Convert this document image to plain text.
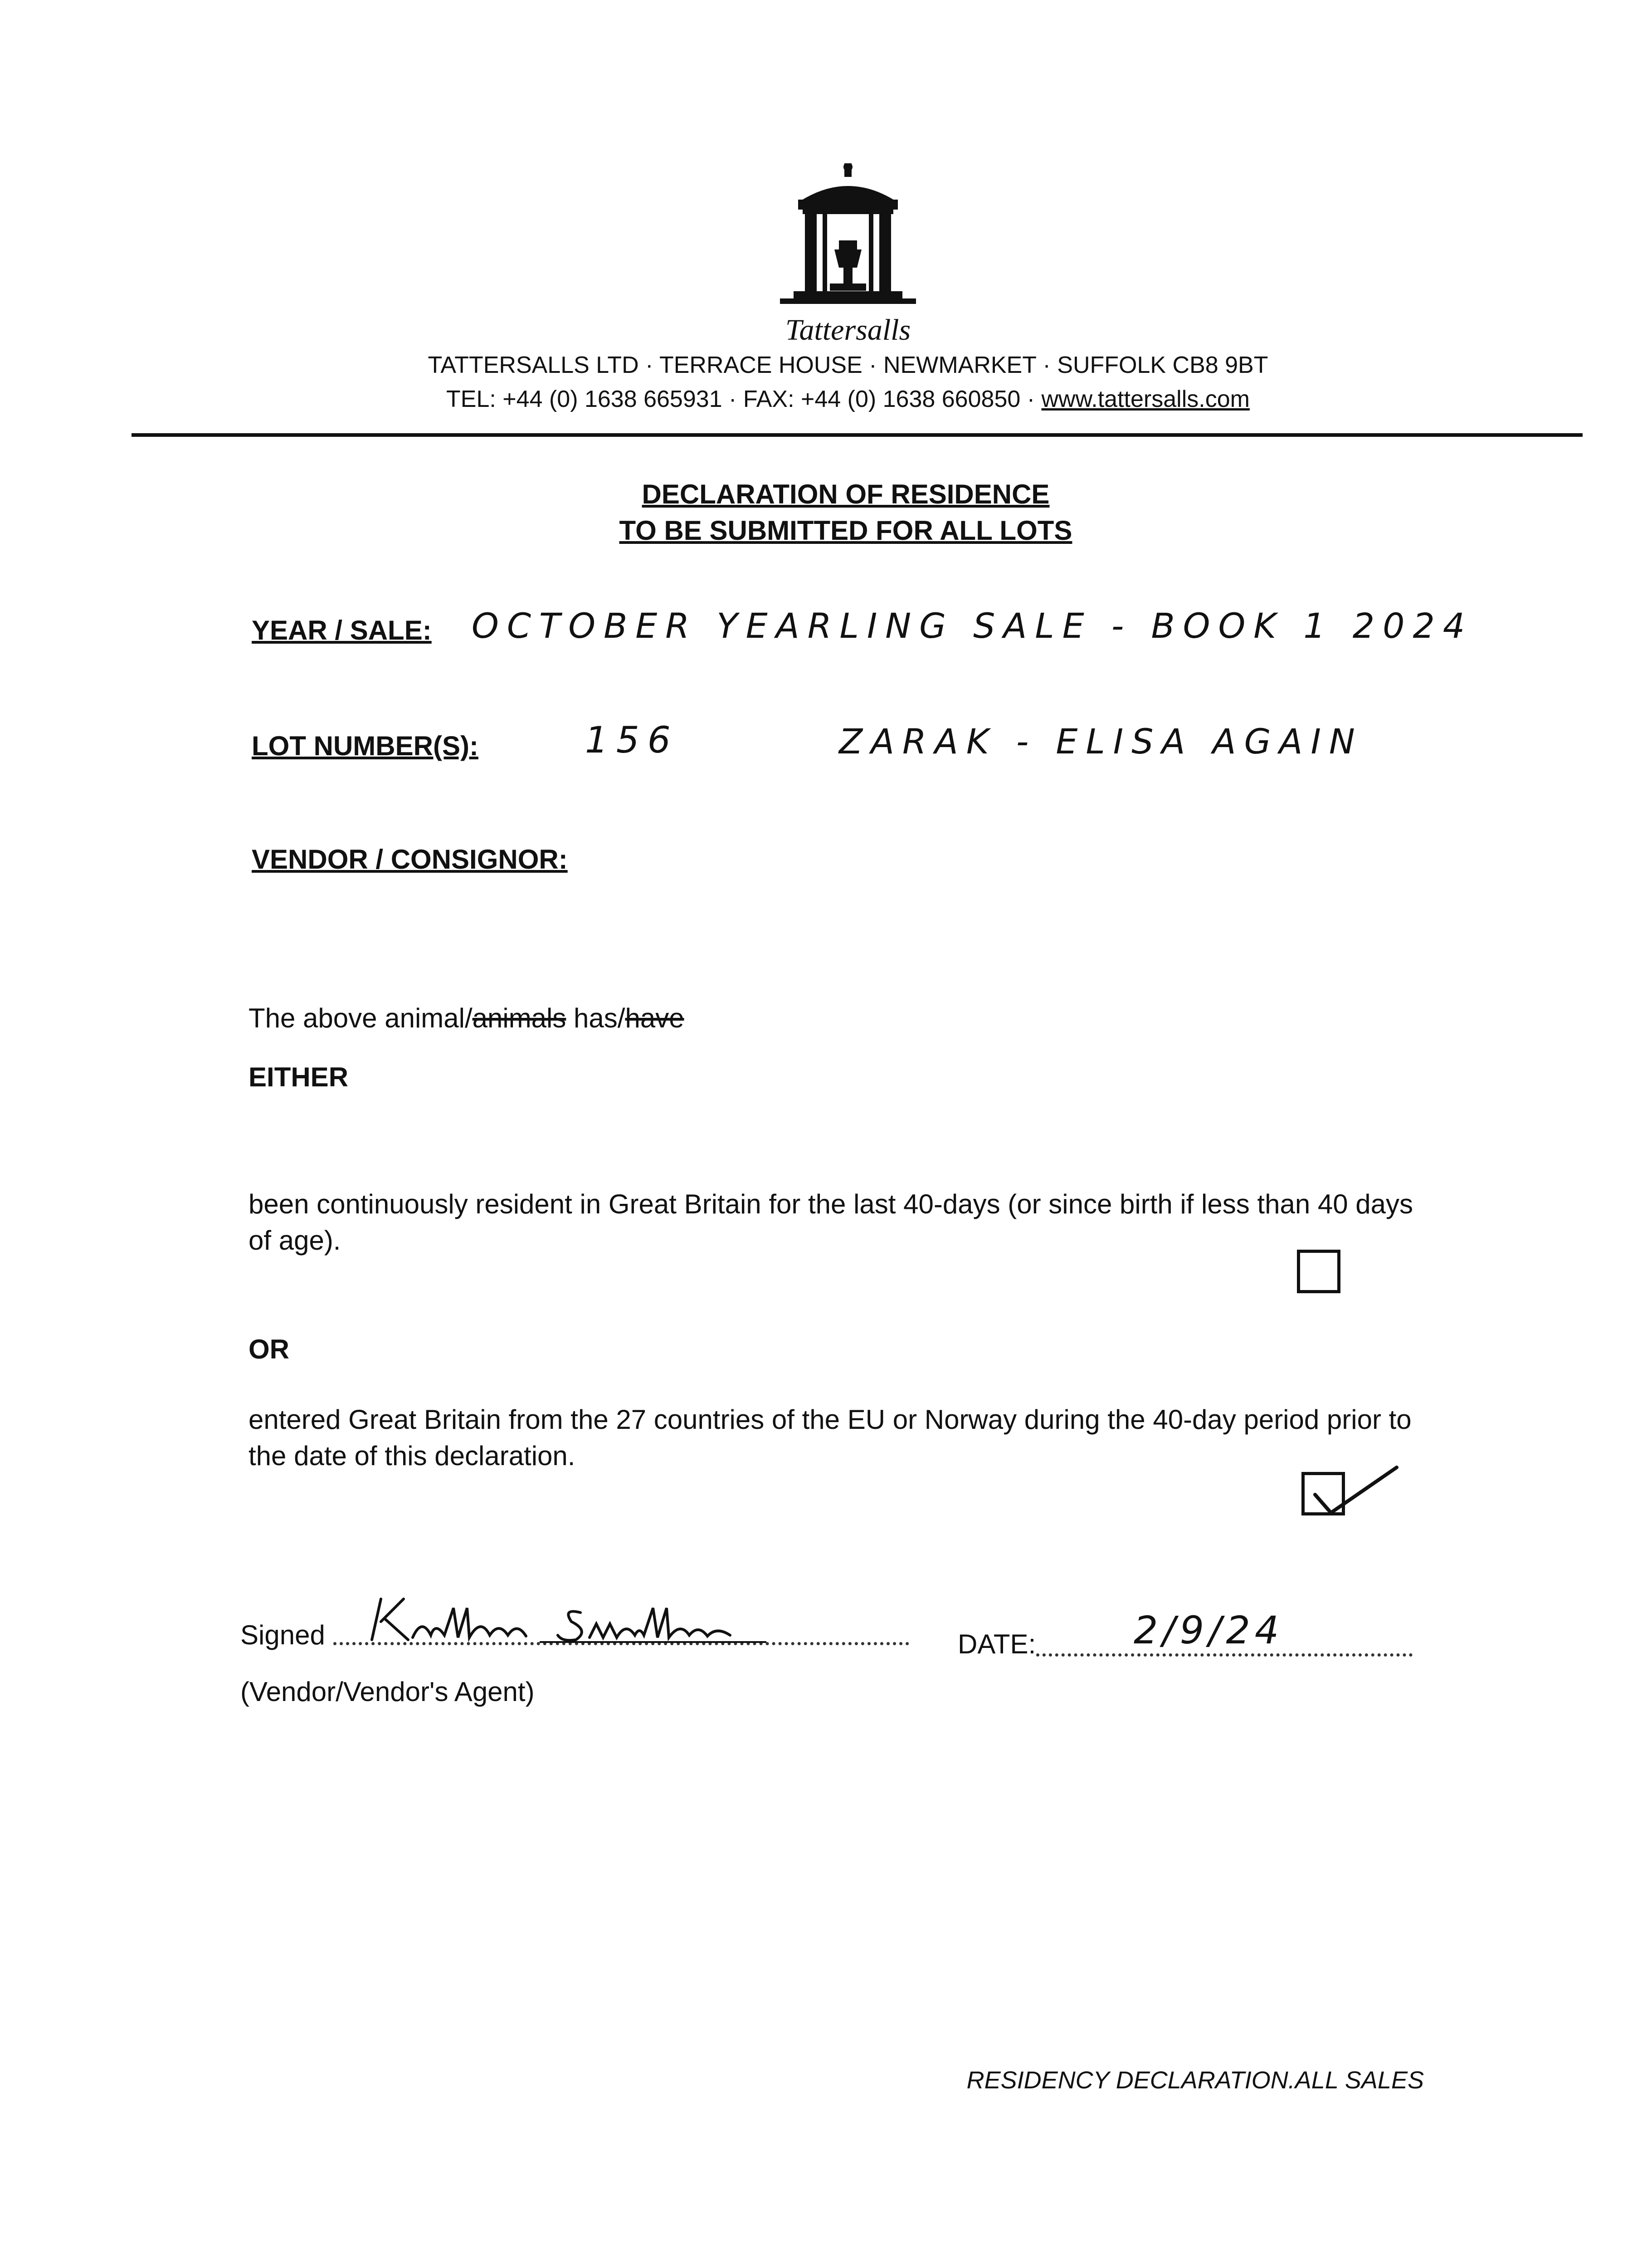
Tattersalls
TATTERSALLS LTD · TERRACE HOUSE · NEWMARKET · SUFFOLK CB8 9BT
TEL: +44 (0) 1638 665931 · FAX: +44 (0) 1638 660850 · www.tattersalls.com
DECLARATION OF RESIDENCE
TO BE SUBMITTED FOR ALL LOTS
YEAR / SALE: OCTOBER YEARLING SALE - BOOK 1 2024
LOT NUMBER(S):	156	ZARAK - ELISA AGAIN
VENDOR / CONSIGNOR:
The above animal/animals has/have
EITHER
been continuously resident in Great Britain for the last 40-days (or since birth if less than 40 days of age).
OR
entered Great Britain from the 27 countries of the EU or Norway during the 40-day period prior to the date of this declaration.
Signed	DATE:	2/9/24
(Vendor/Vendor's Agent)
RESIDENCY DECLARATION.ALL SALES
